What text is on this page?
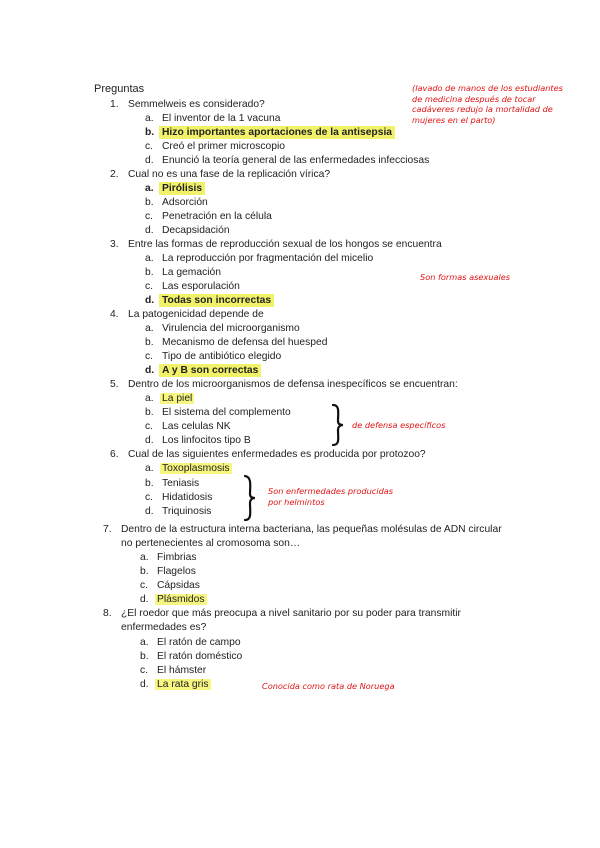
Preguntas
1. Semmelweis es considerado?
a. El inventor de la 1 vacuna
b. Hizo importantes aportaciones de la antisepsia
c. Creó el primer microscopio
d. Enunció la teoría general de las enfermedades infecciosas
2. Cual no es una fase de la replicación vírica?
a. Pirólisis
b. Adsorción
c. Penetración en la célula
d. Decapsidación
3. Entre las formas de reproducción sexual de los hongos se encuentra
a. La reproducción por fragmentación del micelio
b. La gemación
c. Las esporulación
d. Todas son incorrectas
4. La patogenicidad depende de
a. Virulencia del microorganismo
b. Mecanismo de defensa del huesped
c. Tipo de antibiótico elegido
d. A y B son correctas
5. Dentro de los microorganismos de defensa inespecíficos se encuentran:
a. La piel
b. El sistema del complemento
c. Las celulas NK
d. Los linfocitos tipo B
6. Cual de las siguientes enfermedades es producida por protozoo?
a. Toxoplasmosis
b. Teniasis
c. Hidatidosis
d. Triquinosis
7. Dentro de la estructura interna bacteriana, las pequeñas molésulas de ADN circular
no pertenecientes al cromosoma son…
a. Fimbrias
b. Flagelos
c. Cápsidas
d. Plásmidos
8. ¿El roedor que más preocupa a nivel sanitario por su poder para transmitir
enfermedades es?
a. El ratón de campo
b. El ratón doméstico
c. El hámster
d. La rata gris
(lavado de manos de los estudiantes
de medicina después de tocar
cadáveres redujo la mortalidad de
mujeres en el parto)
Son formas asexuales
de defensa específicos
Son enfermedades producidas
por helmintos
Conocida como rata de Noruega
